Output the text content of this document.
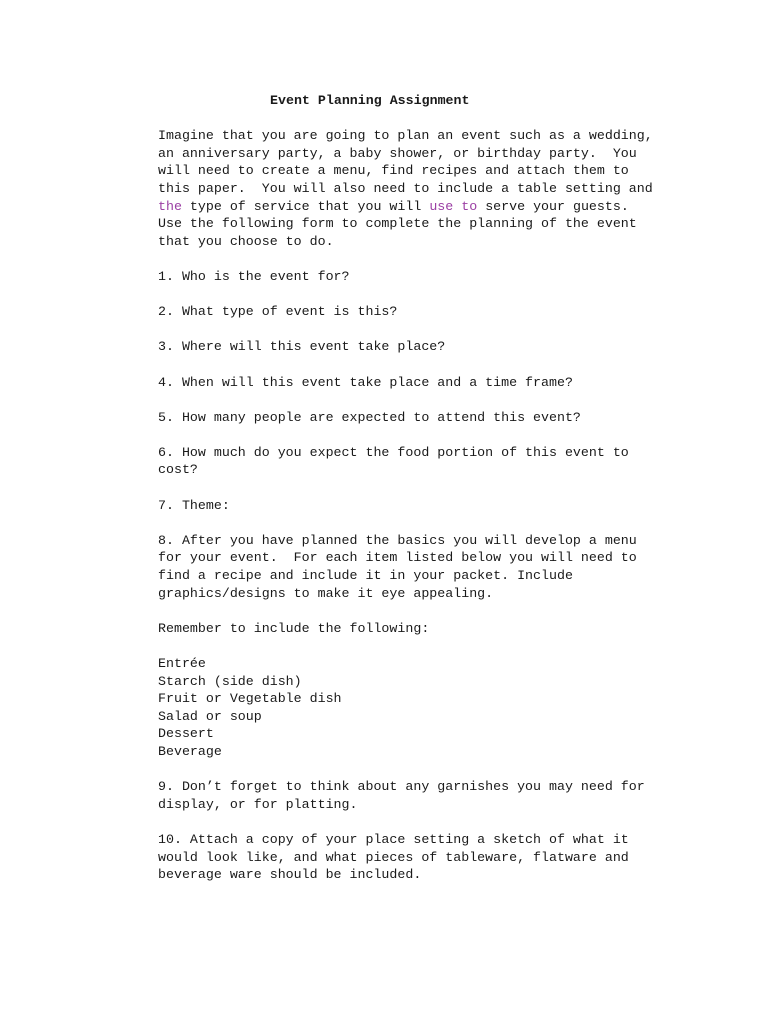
Event Planning Assignment

Imagine that you are going to plan an event such as a wedding, an anniversary party, a baby shower, or birthday party.  You will need to create a menu, find recipes and attach them to this paper.  You will also need to include a table setting and the type of service that you will use to serve your guests.  Use the following form to complete the planning of the event that you choose to do.

1. Who is the event for?

2. What type of event is this?

3. Where will this event take place?

4. When will this event take place and a time frame?

5. How many people are expected to attend this event?

6. How much do you expect the food portion of this event to cost?

7. Theme:

8. After you have planned the basics you will develop a menu for your event.  For each item listed below you will need to find a recipe and include it in your packet. Include graphics/designs to make it eye appealing.

Remember to include the following:

Entrée
Starch (side dish)
Fruit or Vegetable dish
Salad or soup
Dessert
Beverage

9. Don’t forget to think about any garnishes you may need for display, or for platting.

10. Attach a copy of your place setting a sketch of what it would look like, and what pieces of tableware, flatware and beverage ware should be included.
